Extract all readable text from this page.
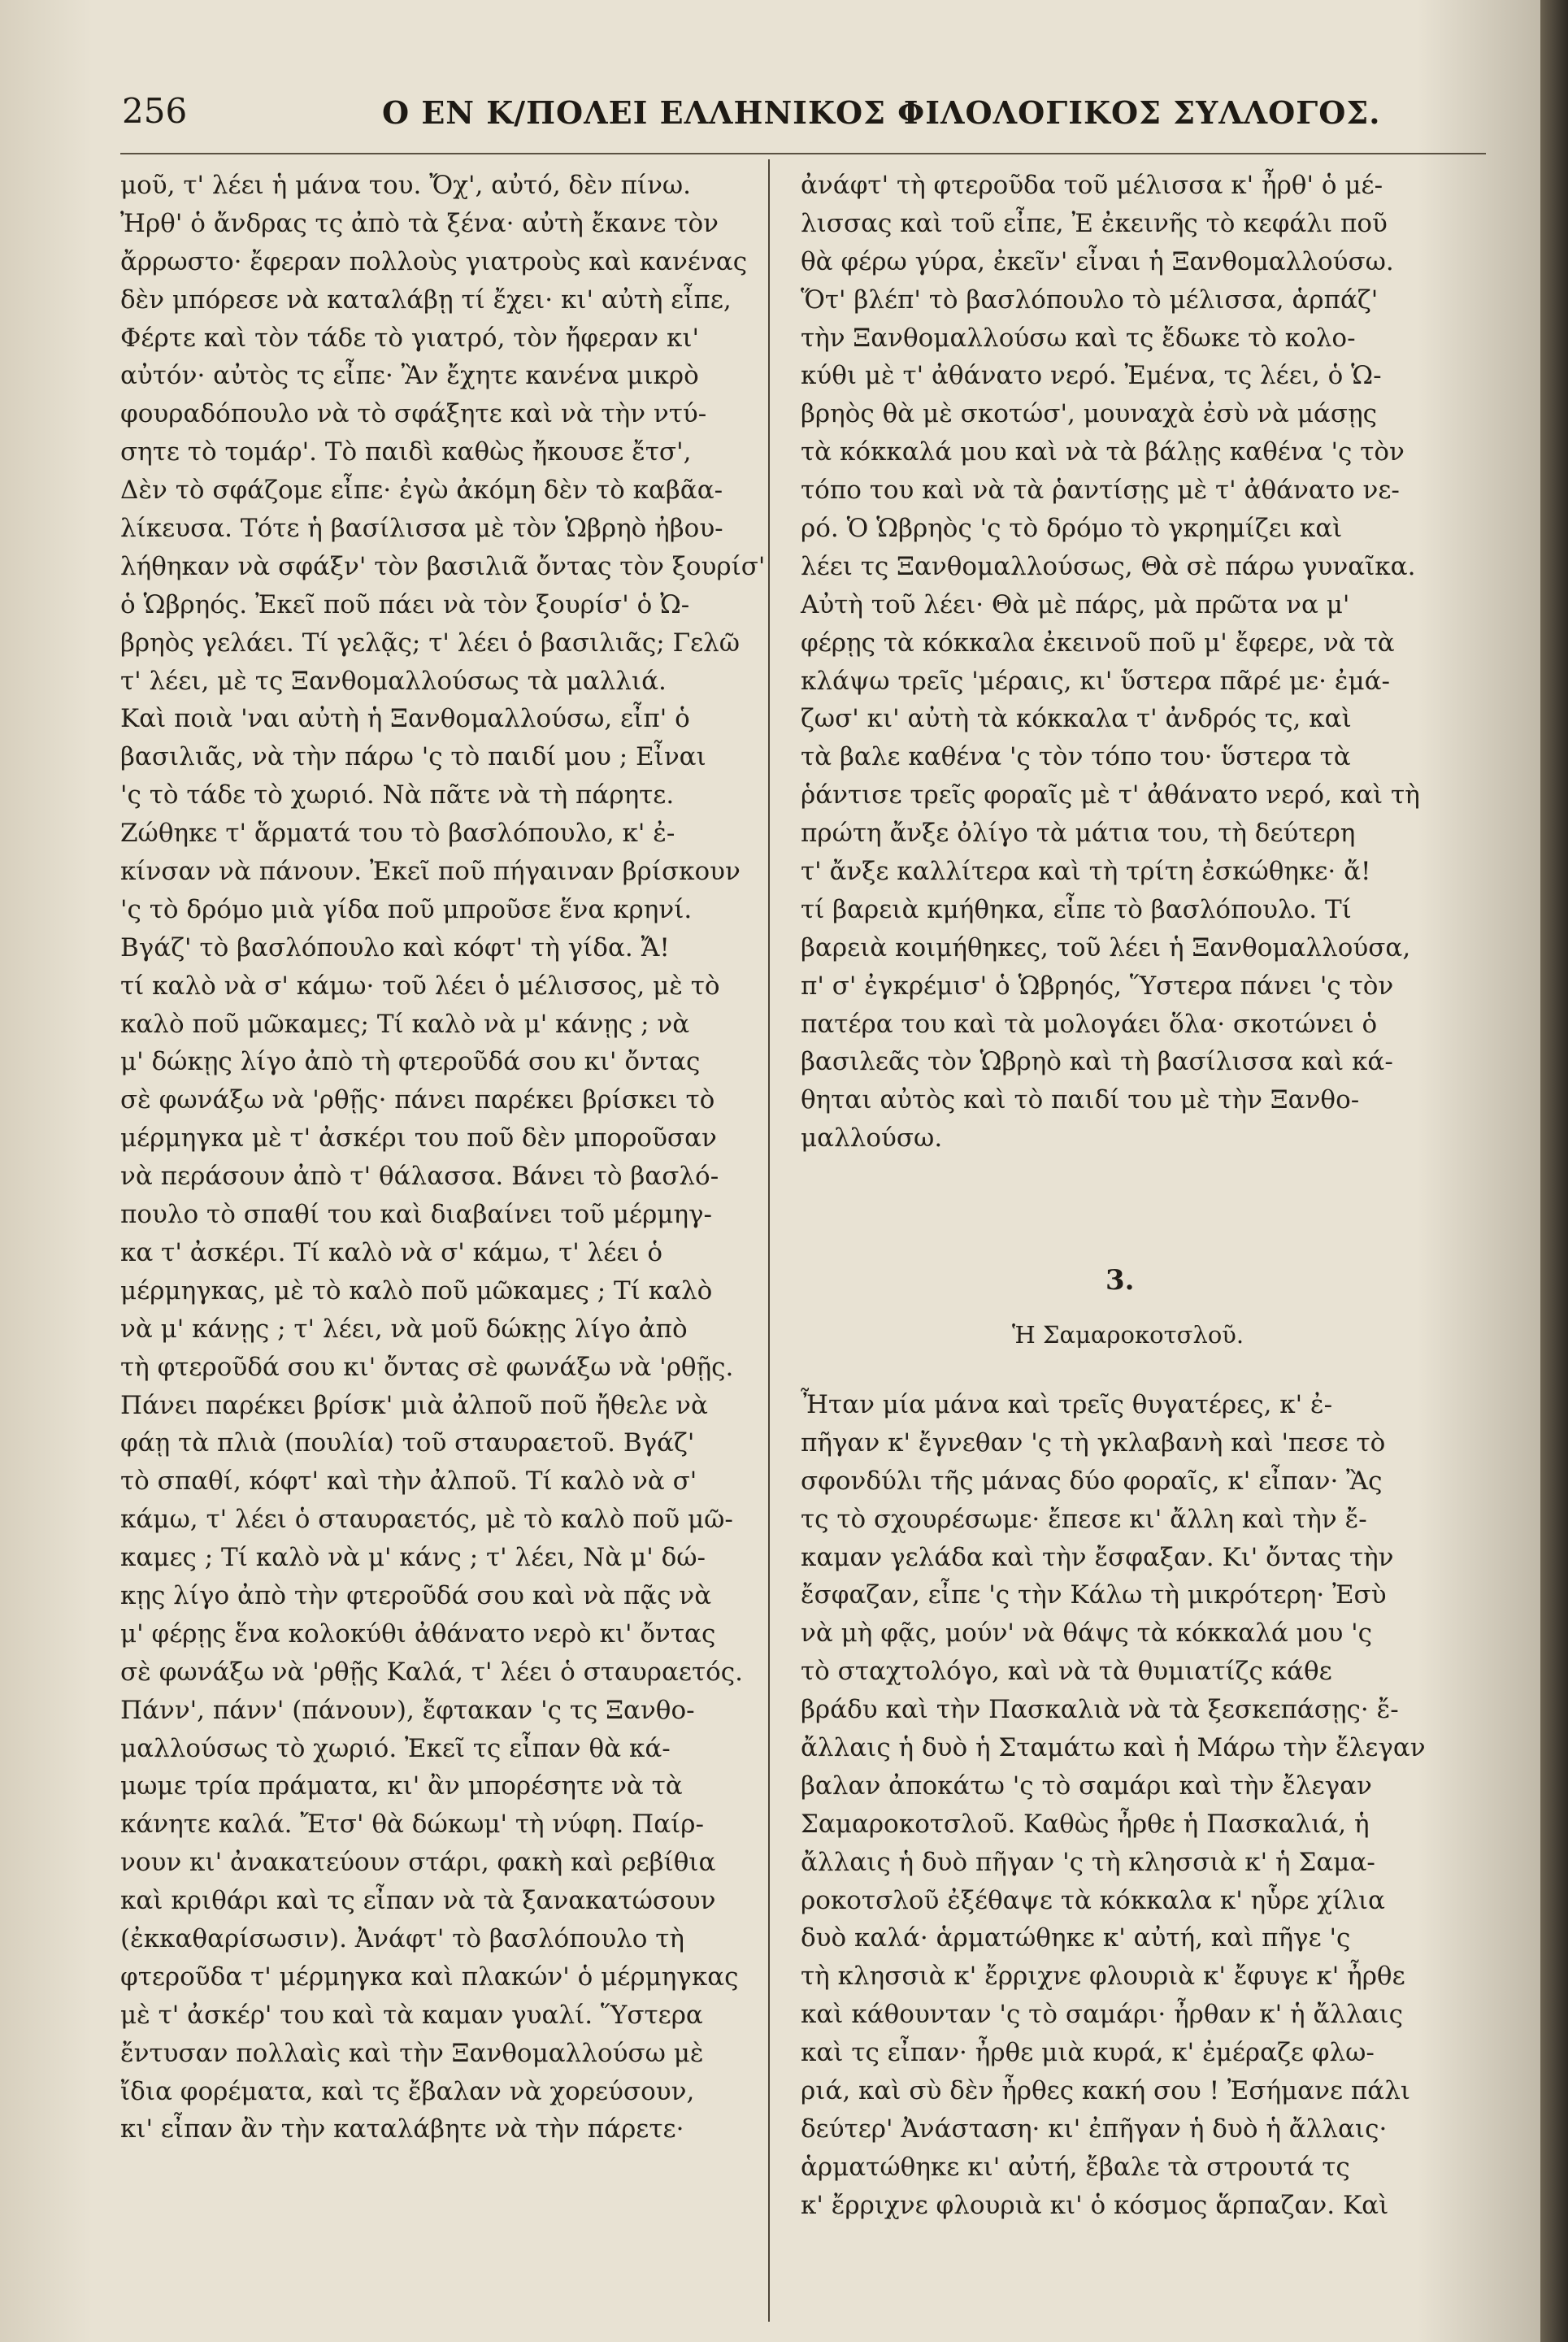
256	Ο ΕΝ Κ/ΠΟΛΕΙ ΕΛΛΗΝΙΚΟΣ ΦΙΛΟΛΟΓΙΚΟΣ ΣΥΛΛΟΓΟΣ.
μοῦ, τ' λέει ἡ μάνα του. Ὄχ', αὐτό, δὲν πίνω.
Ἠρθ' ὁ ἄνδρας τς ἀπὸ τὰ ξένα· αὐτὴ ἔκανε τὸν
ἄρρωστο· ἔφεραν πολλοὺς γιατροὺς καὶ κανένας
δὲν μπόρεσε νὰ καταλάβῃ τί ἔχει· κι' αὐτὴ εἶπε,
Φέρτε καὶ τὸν τάδε τὸ γιατρό, τὸν ἤφεραν κι'
αὐτόν· αὐτὸς τς εἶπε· Ἂν ἔχητε κανένα μικρὸ
φουραδόπουλο νὰ τὸ σφάξητε καὶ νὰ τὴν ντύ-
σητε τὸ τομάρ'. Τὸ παιδὶ καθὼς ἤκουσε ἔτσ',
Δὲν τὸ σφάζομε εἶπε· ἐγὼ ἀκόμη δὲν τὸ καβᾶα-
λίκευσα. Τότε ἡ βασίλισσα μὲ τὸν Ὡβρηὸ ἠβου-
λήθηκαν νὰ σφάξν' τὸν βασιλιᾶ ὄντας τὸν ξουρίσ'
ὁ Ὡβρηός. Ἐκεῖ ποῦ πάει νὰ τὸν ξουρίσ' ὁ Ὠ-
βρηὸς γελάει. Τί γελᾷς; τ' λέει ὁ βασιλιᾶς; Γελῶ
τ' λέει, μὲ τς Ξανθομαλλούσως τὰ μαλλιά.
Καὶ ποιὰ 'ναι αὐτὴ ἡ Ξανθομαλλούσω, εἶπ' ὁ
βασιλιᾶς, νὰ τὴν πάρω 'ς τὸ παιδί μου ; Εἶναι
'ς τὸ τάδε τὸ χωριό. Νὰ πᾶτε νὰ τὴ πάρητε.
Ζώθηκε τ' ἅρματά του τὸ βασλόπουλο, κ' ἐ-
κίνσαν νὰ πάνουν. Ἐκεῖ ποῦ πήγαιναν βρίσκουν
'ς τὸ δρόμο μιὰ γίδα ποῦ μπροῦσε ἕνα κρηνί.
Βγάζ' τὸ βασλόπουλο καὶ κόφτ' τὴ γίδα. Ἄ!
τί καλὸ νὰ σ' κάμω· τοῦ λέει ὁ μέλισσος, μὲ τὸ
καλὸ ποῦ μῶκαμες; Τί καλὸ νὰ μ' κάνῃς ; νὰ
μ' δώκῃς λίγο ἀπὸ τὴ φτεροῦδά σου κι' ὄντας
σὲ φωνάξω νὰ 'ρθῇς· πάνει παρέκει βρίσκει τὸ
μέρμηγκα μὲ τ' ἀσκέρι του ποῦ δὲν μποροῦσαν
νὰ περάσουν ἀπὸ τ' θάλασσα. Βάνει τὸ βασλό-
πουλο τὸ σπαθί του καὶ διαβαίνει τοῦ μέρμηγ-
κα τ' ἀσκέρι. Τί καλὸ νὰ σ' κάμω, τ' λέει ὁ
μέρμηγκας, μὲ τὸ καλὸ ποῦ μῶκαμες ; Τί καλὸ
νὰ μ' κάνῃς ; τ' λέει, νὰ μοῦ δώκῃς λίγο ἀπὸ
τὴ φτεροῦδά σου κι' ὄντας σὲ φωνάξω νὰ 'ρθῇς.
Πάνει παρέκει βρίσκ' μιὰ ἀλποῦ ποῦ ἤθελε νὰ
φάῃ τὰ πλιὰ (πουλία) τοῦ σταυραετοῦ. Βγάζ'
τὸ σπαθί, κόφτ' καὶ τὴν ἀλποῦ. Τί καλὸ νὰ σ'
κάμω, τ' λέει ὁ σταυραετός, μὲ τὸ καλὸ ποῦ μῶ-
καμες ; Τί καλὸ νὰ μ' κάνς ; τ' λέει, Νὰ μ' δώ-
κῃς λίγο ἀπὸ τὴν φτεροῦδά σου καὶ νὰ πᾷς νὰ
μ' φέρῃς ἕνα κολοκύθι ἀθάνατο νερὸ κι' ὄντας
σὲ φωνάξω νὰ 'ρθῇς Καλά, τ' λέει ὁ σταυραετός.
Πάνν', πάνν' (πάνουν), ἔφτακαν 'ς τς Ξανθο-
μαλλούσως τὸ χωριό. Ἐκεῖ τς εἶπαν θὰ κά-
μωμε τρία πράματα, κι' ἂν μπορέσητε νὰ τὰ
κάνητε καλά. Ἔτσ' θὰ δώκωμ' τὴ νύφη. Παίρ-
νουν κι' ἀνακατεύουν στάρι, φακὴ καὶ ρεβίθια
καὶ κριθάρι καὶ τς εἶπαν νὰ τὰ ξανακατώσουν
(ἐκκαθαρίσωσιν). Ἀνάφτ' τὸ βασλόπουλο τὴ
φτεροῦδα τ' μέρμηγκα καὶ πλακών' ὁ μέρμηγκας
μὲ τ' ἀσκέρ' του καὶ τὰ καμαν γυαλί. Ὕστερα
ἔντυσαν πολλαὶς καὶ τὴν Ξανθομαλλούσω μὲ
ἴδια φορέματα, καὶ τς ἔβαλαν νὰ χορεύσουν,
κι' εἶπαν ἂν τὴν καταλάβητε νὰ τὴν πάρετε·
ἀνάφτ' τὴ φτεροῦδα τοῦ μέλισσα κ' ἦρθ' ὁ μέ-
λισσας καὶ τοῦ εἶπε, Ἐ ἐκεινῆς τὸ κεφάλι ποῦ
θὰ φέρω γύρα, ἐκεῖν' εἶναι ἡ Ξανθομαλλούσω.
Ὅτ' βλέπ' τὸ βασλόπουλο τὸ μέλισσα, ἁρπάζ'
τὴν Ξανθομαλλούσω καὶ τς ἔδωκε τὸ κολο-
κύθι μὲ τ' ἀθάνατο νερό. Ἐμένα, τς λέει, ὁ Ὡ-
βρηὸς θὰ μὲ σκοτώσ', μουναχὰ ἐσὺ νὰ μάσῃς
τὰ κόκκαλά μου καὶ νὰ τὰ βάλῃς καθένα 'ς τὸν
τόπο του καὶ νὰ τὰ ῥαντίσῃς μὲ τ' ἀθάνατο νε-
ρό. Ὁ Ὡβρηὸς 'ς τὸ δρόμο τὸ γκρημίζει καὶ
λέει τς Ξανθομαλλούσως, Θὰ σὲ πάρω γυναῖκα.
Αὐτὴ τοῦ λέει· Θὰ μὲ πάρς, μὰ πρῶτα να μ'
φέρῃς τὰ κόκκαλα ἐκεινοῦ ποῦ μ' ἔφερε, νὰ τὰ
κλάψω τρεῖς 'μέραις, κι' ὕστερα πᾶρέ με· ἐμά-
ζωσ' κι' αὐτὴ τὰ κόκκαλα τ' ἀνδρός τς, καὶ
τὰ βαλε καθένα 'ς τὸν τόπο του· ὕστερα τὰ
ῥάντισε τρεῖς φοραῖς μὲ τ' ἀθάνατο νερό, καὶ τὴ
πρώτη ἄνξε ὀλίγο τὰ μάτια του, τὴ δεύτερη
τ' ἄνξε καλλίτερα καὶ τὴ τρίτη ἐσκώθηκε· ἄ!
τί βαρειὰ κμήθηκα, εἶπε τὸ βασλόπουλο. Τί
βαρειὰ κοιμήθηκες, τοῦ λέει ἡ Ξανθομαλλούσα,
π' σ' ἐγκρέμισ' ὁ Ὡβρηός, Ὕστερα πάνει 'ς τὸν
πατέρα του καὶ τὰ μολογάει ὅλα· σκοτώνει ὁ
βασιλεᾶς τὸν Ὡβρηὸ καὶ τὴ βασίλισσα καὶ κά-
θηται αὐτὸς καὶ τὸ παιδί του μὲ τὴν Ξανθο-
μαλλούσω.
3.
Ἡ Σαμαροκοτσλοῦ.
Ἦταν μία μάνα καὶ τρεῖς θυγατέρες, κ' ἐ-
πῆγαν κ' ἔγνεθαν 'ς τὴ γκλαβανὴ καὶ 'πεσε τὸ
σφονδύλι τῆς μάνας δύο φοραῖς, κ' εἶπαν· Ἂς
τς τὸ σχουρέσωμε· ἔπεσε κι' ἄλλη καὶ τὴν ἔ-
καμαν γελάδα καὶ τὴν ἔσφαξαν. Κι' ὄντας τὴν
ἔσφαζαν, εἶπε 'ς τὴν Κάλω τὴ μικρότερη· Ἐσὺ
νὰ μὴ φᾷς, μούν' νὰ θάψς τὰ κόκκαλά μου 'ς
τὸ σταχτολόγο, καὶ νὰ τὰ θυμιατίζς κάθε
βράδυ καὶ τὴν Πασκαλιὰ νὰ τὰ ξεσκεπάσῃς· ἔ-
ἄλλαις ἡ δυὸ ἡ Σταμάτω καὶ ἡ Μάρω τὴν ἔλεγαν
βαλαν ἀποκάτω 'ς τὸ σαμάρι καὶ τὴν ἔλεγαν
Σαμαροκοτσλοῦ. Καθὼς ἦρθε ἡ Πασκαλιά, ἡ
ἄλλαις ἡ δυὸ πῆγαν 'ς τὴ κλησσιὰ κ' ἡ Σαμα-
ροκοτσλοῦ ἐξέθαψε τὰ κόκκαλα κ' ηὗρε χίλια
δυὸ καλά· ἁρματώθηκε κ' αὐτή, καὶ πῆγε 'ς
τὴ κλησσιὰ κ' ἔρριχνε φλουριὰ κ' ἔφυγε κ' ἦρθε
καὶ κάθουνταν 'ς τὸ σαμάρι· ἦρθαν κ' ἡ ἄλλαις
καὶ τς εἶπαν· ἦρθε μιὰ κυρά, κ' ἐμέραζε φλω-
ριά, καὶ σὺ δὲν ἦρθες κακή σου ! Ἐσήμανε πάλι
δεύτερ' Ἀνάσταση· κι' ἐπῆγαν ἡ δυὸ ἡ ἄλλαις·
ἁρματώθηκε κι' αὐτή, ἔβαλε τὰ στρουτά τς
κ' ἔρριχνε φλουριὰ κι' ὁ κόσμος ἅρπαζαν. Καὶ
